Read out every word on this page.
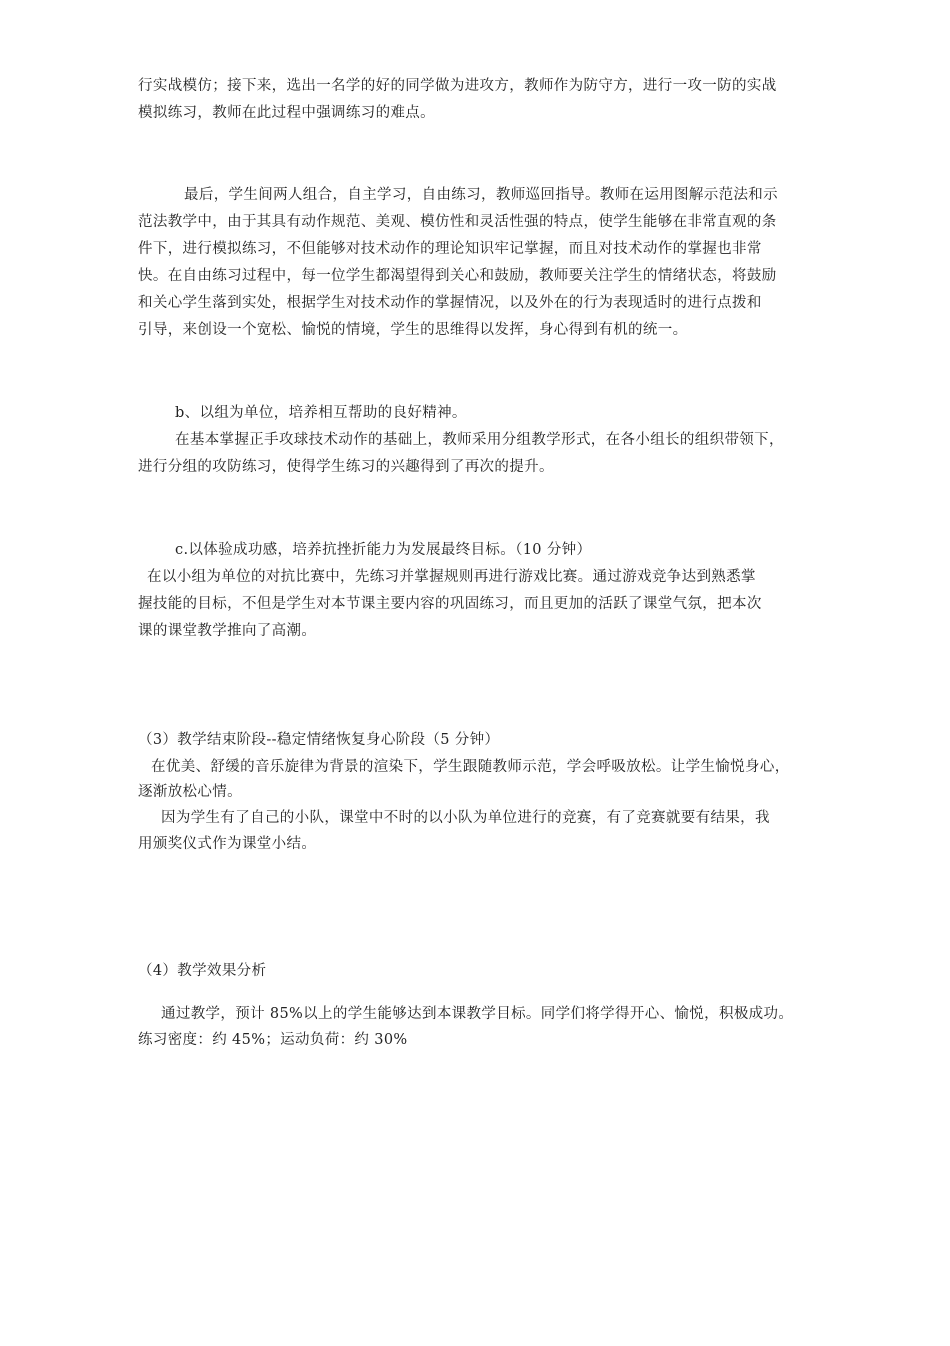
行实战模仿；接下来，选出一名学的好的同学做为进攻方，教师作为防守方，进行一攻一防的实战
模拟练习，教师在此过程中强调练习的难点。
最后，学生间两人组合，自主学习，自由练习，教师巡回指导。教师在运用图解示范法和示
范法教学中，由于其具有动作规范、美观、模仿性和灵活性强的特点，使学生能够在非常直观的条
件下，进行模拟练习，不但能够对技术动作的理论知识牢记掌握，而且对技术动作的掌握也非常
快。在自由练习过程中，每一位学生都渴望得到关心和鼓励，教师要关注学生的情绪状态，将鼓励
和关心学生落到实处，根据学生对技术动作的掌握情况，以及外在的行为表现适时的进行点拨和
引导，来创设一个宽松、愉悦的情境，学生的思维得以发挥，身心得到有机的统一。
b、以组为单位，培养相互帮助的良好精神。
在基本掌握正手攻球技术动作的基础上，教师采用分组教学形式，在各小组长的组织带领下，
进行分组的攻防练习，使得学生练习的兴趣得到了再次的提升。
c.以体验成功感，培养抗挫折能力为发展最终目标。（10 分钟）
在以小组为单位的对抗比赛中，先练习并掌握规则再进行游戏比赛。通过游戏竞争达到熟悉掌
握技能的目标，不但是学生对本节课主要内容的巩固练习，而且更加的活跃了课堂气氛，把本次
课的课堂教学推向了高潮。
（3）教学结束阶段--稳定情绪恢复身心阶段（5 分钟）
在优美、舒缓的音乐旋律为背景的渲染下，学生跟随教师示范，学会呼吸放松。让学生愉悦身心，
逐渐放松心情。
因为学生有了自己的小队，课堂中不时的以小队为单位进行的竞赛，有了竞赛就要有结果，我
用颁奖仪式作为课堂小结。
（4）教学效果分析
通过教学，预计 85%以上的学生能够达到本课教学目标。同学们将学得开心、愉悦，积极成功。
练习密度：约 45%；运动负荷：约 30%
